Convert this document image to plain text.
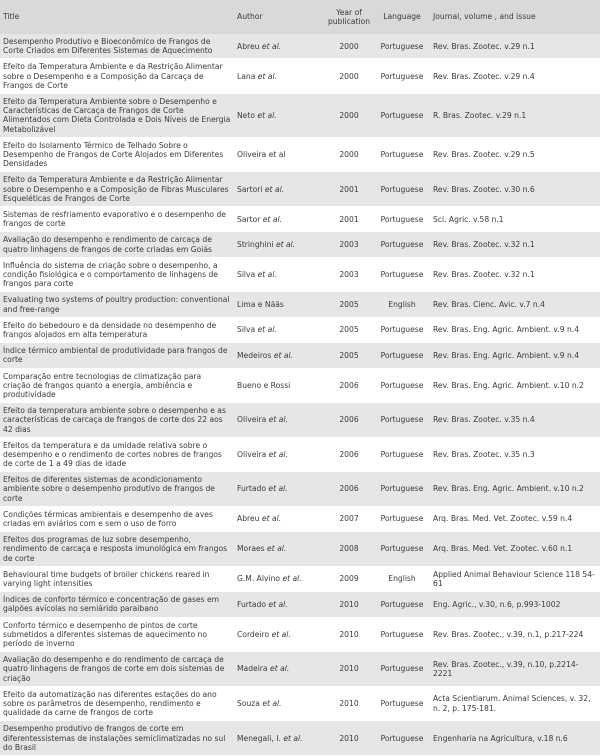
Title	Author	Year of publication	Language	Journal, volume , and issue
Desempenho Produtivo e Bioeconômico de Frangos de Corte Criados em Diferentes Sistemas de Aquecimento	Abreu et al.	2000	Portuguese	Rev. Bras. Zootec. v.29 n.1
Efeito da Temperatura Ambiente e da Restrição Alimentar sobre o Desempenho e a Composição da Carcaça de Frangos de Corte	Lana et al.	2000	Portuguese	Rev. Bras. Zootec. v.29 n.4
Efeito da Temperatura Ambiente sobre o Desempenho e Características de Carcaça de Frangos de Corte Alimentados com Dieta Controlada e Dois Níveis de Energia Metabolizável	Neto et al.	2000	Portuguese	R. Bras. Zootec. v.29 n.1
Efeito do Isolamento Térmico de Telhado Sobre o Desempenho de Frangos de Corte Alojados em Diferentes Densidades	Oliveira et al	2000	Portuguese	Rev. Bras. Zootec. v.29 n.5
Efeito da Temperatura Ambiente e da Restrição Alimentar sobre o Desempenho e a Composição de Fibras Musculares Esqueléticas de Frangos de Corte	Sartori et al.	2001	Portuguese	Rev. Bras. Zootec. v.30 n.6
Sistemas de resfriamento evaporativo e o desempenho de frangos de corte	Sartor et al.	2001	Portuguese	Sci. Agric. v.58 n.1
Avaliação do desempenho e rendimento de carcaça de quatro linhagens de frangos de corte criadas em Goiás	Stringhini et al.	2003	Portuguese	Rev. Bras. Zootec. v.32 n.1
Influência do sistema de criação sobre o desempenho, a condição fisiológica e o comportamento de linhagens de frangos para corte	Silva et al.	2003	Portuguese	Rev. Bras. Zootec. v.32 n.1
Evaluating two systems of poultry production: conventional and free-range	Lima e Nääs	2005	English	Rev. Bras. Cienc. Avic. v.7 n.4
Efeito do bebedouro e da densidade no desempenho de frangos alojados em alta temperatura	Silva et al.	2005	Portuguese	Rev. Bras. Eng. Agric. Ambient. v.9 n.4
Índice térmico ambiental de produtividade para frangos de corte	Medeiros et al.	2005	Portuguese	Rev. Bras. Eng. Agric. Ambient. v.9 n.4
Comparação entre tecnologias de climatização para criação de frangos quanto a energia, ambiência e produtividade	Bueno e Rossi	2006	Portuguese	Rev. Bras. Eng. Agric. Ambient. v.10 n.2
Efeito da temperatura ambiente sobre o desempenho e as características de carcaça de frangos de corte dos 22 aos 42 dias	Oliveira et al.	2006	Portuguese	Rev. Bras. Zootec. v.35 n.4
Efeitos da temperatura e da umidade relativa sobre o desempenho e o rendimento de cortes nobres de frangos de corte de 1 a 49 dias de idade	Oliveira et al.	2006	Portuguese	Rev. Bras. Zootec. v.35 n.3
Efeitos de diferentes sistemas de acondicionamento ambiente sobre o desempenho produtivo de frangos de corte	Furtado et al.	2006	Portuguese	Rev. Bras. Eng. Agric. Ambient. v.10 n.2
Condições térmicas ambientais e desempenho de aves criadas em aviários com e sem o uso de forro	Abreu et al.	2007	Portuguese	Arq. Bras. Med. Vet. Zootec. v.59 n.4
Efeitos dos programas de luz sobre desempenho, rendimento de carcaça e resposta imunológica em frangos de corte	Moraes et al.	2008	Portuguese	Arq. Bras. Med. Vet. Zootec. v.60 n.1
Behavioural time budgets of broiler chickens reared in varying light intensities	G.M. Alvino et al.	2009	English	Applied Animal Behaviour Science 118 54-61
Índices de conforto térmico e concentração de gases em galpões avícolas no semiárido paraibano	Furtado et al.	2010	Portuguese	Eng. Agric., v.30, n.6, p.993-1002
Conforto térmico e desempenho de pintos de corte submetidos a diferentes sistemas de aquecimento no período de inverno	Cordeiro et al.	2010	Portuguese	Rev. Bras. Zootec., v.39, n.1, p.217-224
Avaliação do desempenho e do rendimento de carcaça de quatro linhagens de frangos de corte em dois sistemas de criação	Madeira et al.	2010	Portuguese	Rev. Bras. Zootec., v.39, n.10, p.2214-2221
Efeito da automatização nas diferentes estações do ano sobre os parâmetros de desempenho, rendimento e qualidade da carne de frangos de corte	Souza et al.	2010	Portuguese	Acta Scientiarum. Animal Sciences, v. 32, n. 2, p. 175-181.
Desempenho produtivo de frangos de corte em diferentessistemas de instalações semiclimatizadas no sul do Brasil	Menegali, I. et al.	2010	Portuguese	Engenharia na Agricultura, v.18 n.6
